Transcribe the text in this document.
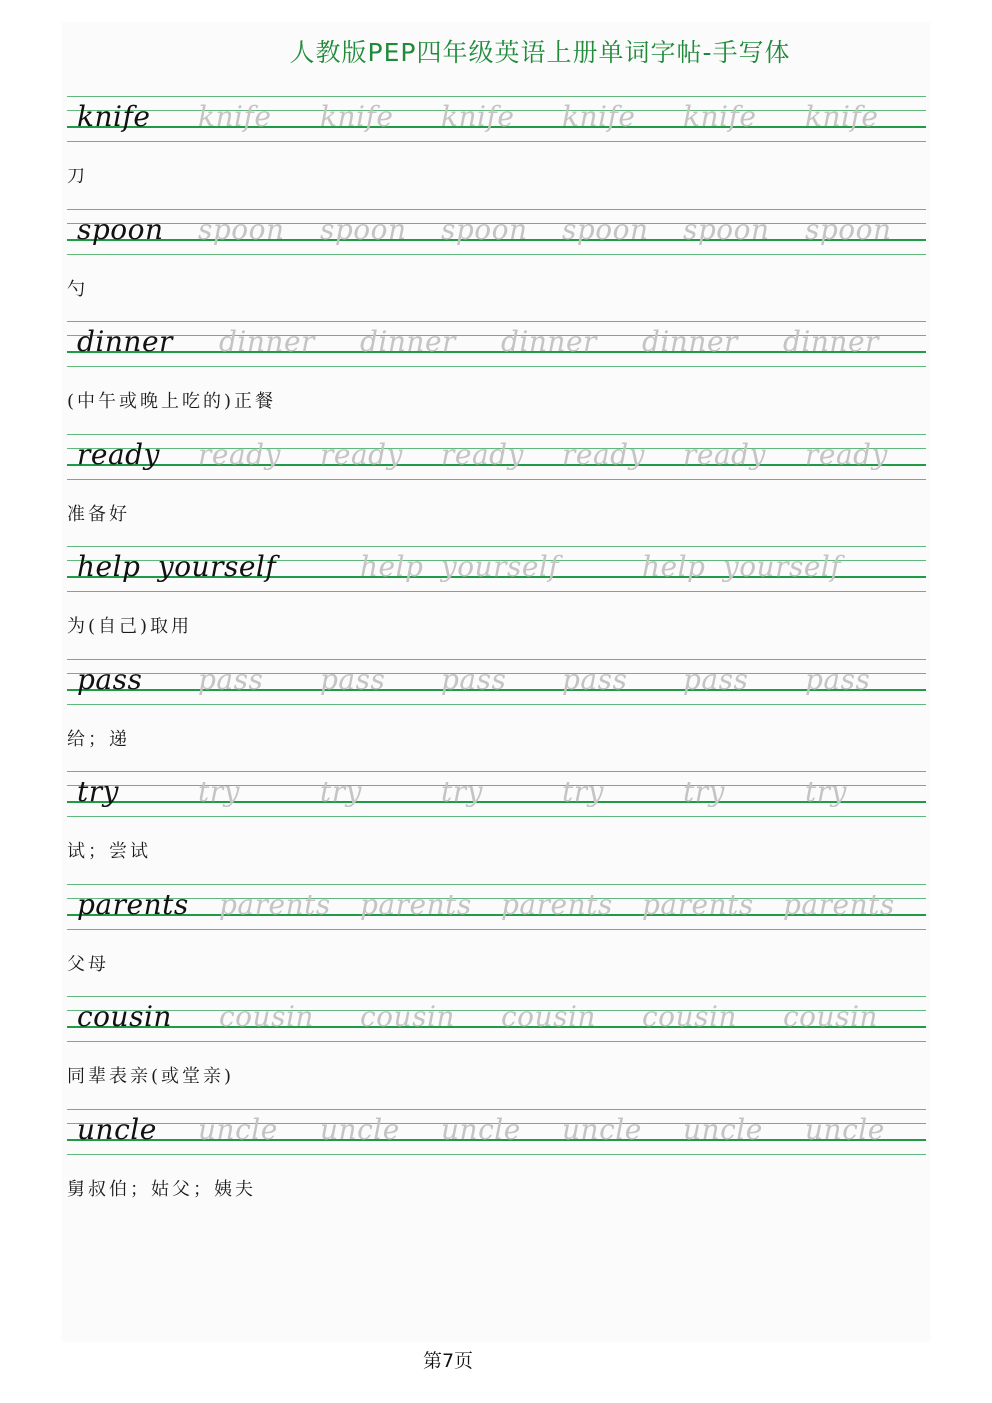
人教版PEP四年级英语上册单词字帖-手写体
knife knife knife knife knife knife knife

刀

spoon spoon spoon spoon spoon spoon spoon

勺

dinner dinner dinner dinner dinner dinner

(中午或晚上吃的)正餐

ready ready ready ready ready ready ready

准备好

help yourself	help yourself	help yourself

为(自己)取用

pass pass pass pass pass pass pass

给；递

try	try	try	try	try	try	try

试；尝试

parents parents parents parents parents parents

父母

cousin cousin cousin cousin cousin cousin

同辈表亲(或堂亲)

uncle uncle uncle uncle uncle uncle uncle

舅叔伯；姑父；姨夫

第7页
